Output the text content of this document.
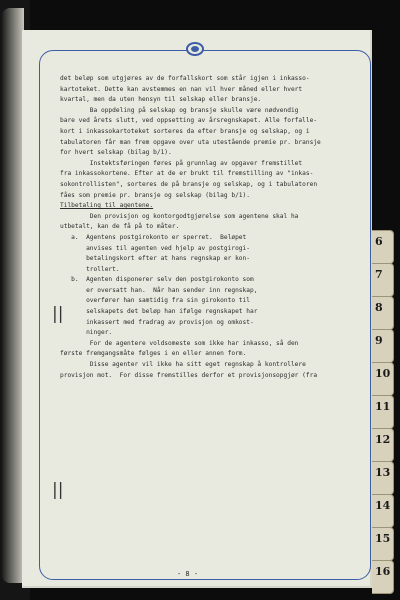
det beløp som utgjøres av de forfallskort som står igjen i inkasso-

kartoteket. Dette kan avstemmes en nan vil hver måned eller hvert

kvartal, men da uten hensyn til selskap eller bransje.

Ba oppdeling på selskap og bransje skulle være nødvendig

bare ved årets slutt, ved oppsetting av årsregnskapet. Alle forfalle-

kort i inkassokartoteket sorteres da efter bransje og selskap, og i

tabulatoren får man frem opgave over uta utestående premie pr. bransje

for hvert selskap (bilag b/1).

Instektsføringen føres på grunnlag av opgaver fremstillet

fra inkassokortene. Efter at de er brukt til fremstilling av "inkas-

sokontrollisten", sorteres de på bransje og selskap, og i tabulatoren

fåes som premie pr. bransje og selskap (bilag b/1).

Tilbetaling til agentene.

Den provisjon og kontorgodtgjørelse som agentene skal ha

utbetalt, kan de få på to måter.

a.  Agentens postgirokonto er sperret.  Beløpet

anvises til agenten ved hjelp av postgirogi-

betalingskort efter at hans regnskap er kon-

trollert.

b.  Agenten disponerer selv den postgirokonto som

er oversatt han.  Når han sender inn regnskap,

overfører han samtidig fra sin girokonto til

selskapets det beløp han ifølge regnskapet har

inkassert med fradrag av provisjon og omkost-

ninger.

For de agentere voldsomeste som ikke har inkasso, så den

første fremgangsmåte følges i en eller annen form.

Disse agenter vil ikke ha sitt eget regnskap å kontrollere

provisjon mot.  For disse fremstilles derfor et provisjonsopgjør (fra

||
||
- 8 -
6
7
8
9
10
11
12
13
14
15
16
